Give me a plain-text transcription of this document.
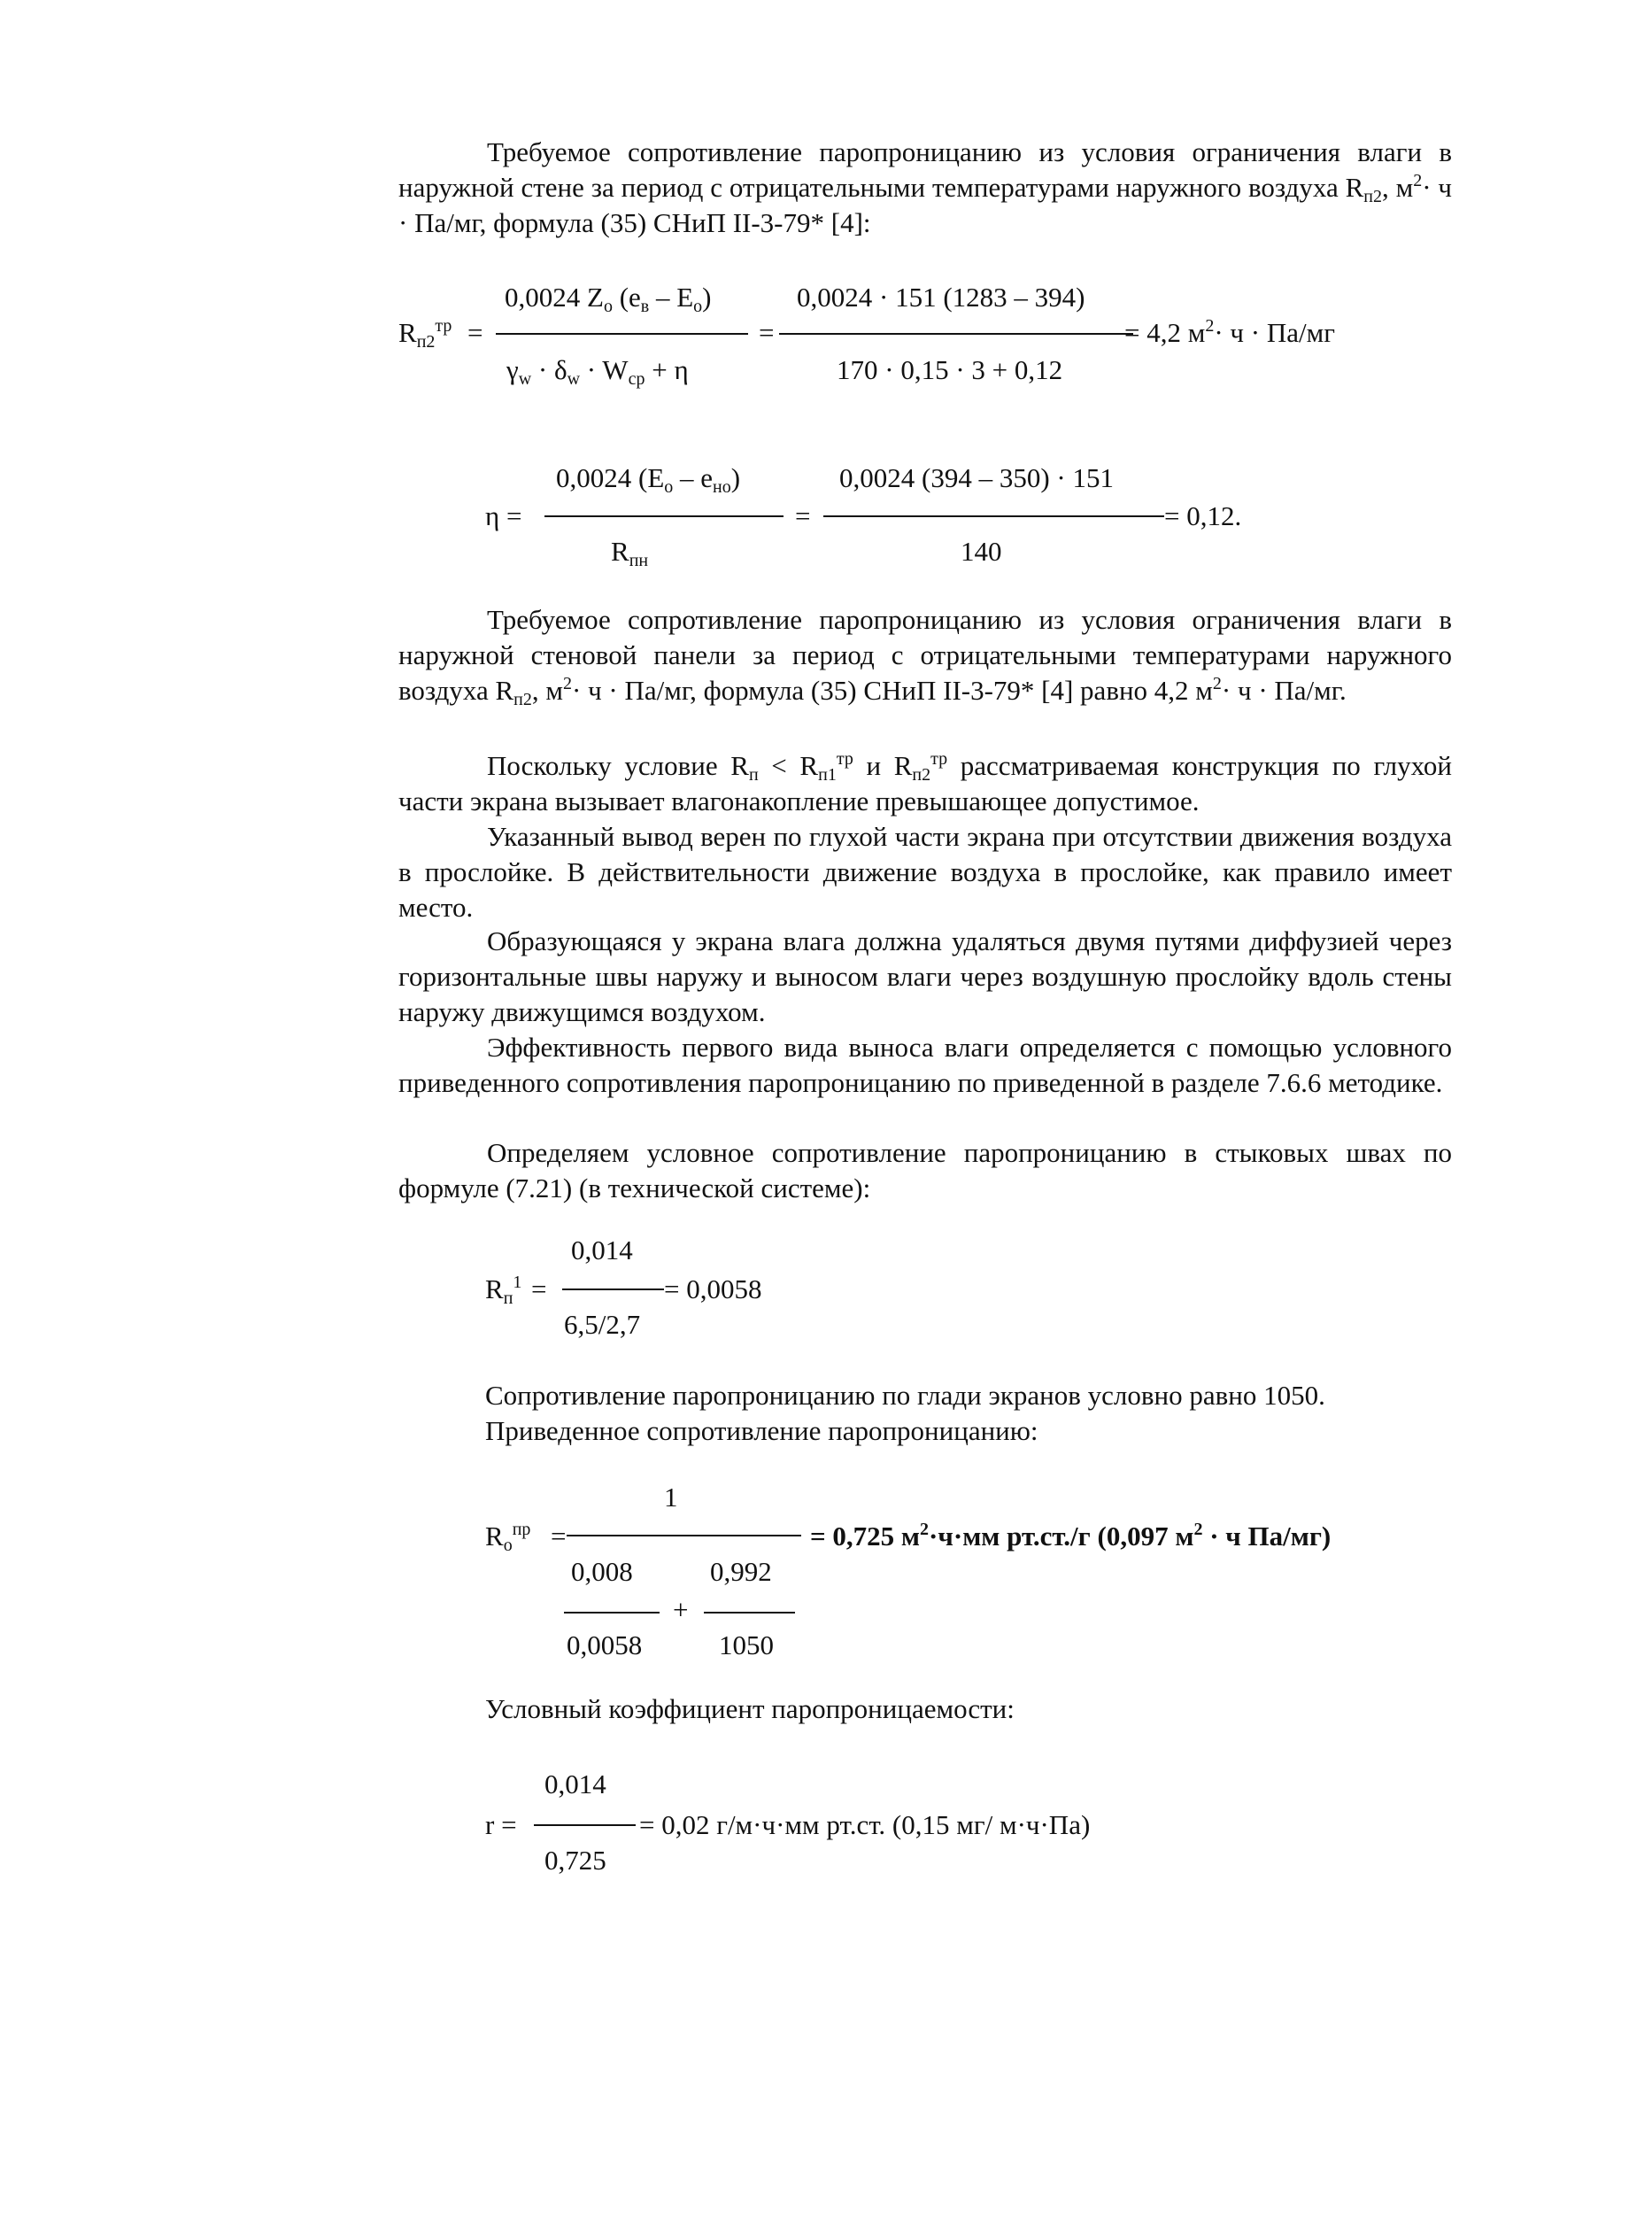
Требуемое сопротивление паропроницанию из условия ограничения влаги в наружной стене за период с отрицательными температурами наружного воздуха $R_{п2}$, $м^2\cdot ч \cdot Па/мг$, формула (35) СНиП II-3-79* [4]:
$R_{п2}^{тр}$ =
0,0024 $Z_о$ $(e_в - E_о)$
$\gamma_w \cdot \delta_w \cdot W_{ср} + \eta$
=
0,0024 · 151 (1283 – 394)
170 · 0,15 · 3 + 0,12
= 4,2 $м^2\cdot ч \cdot Па/мг$
η =
0,0024 $(E_о - e_{но})$
$R_{пн}$
=
0,0024 (394 – 350) · 151
140
= 0,12.
Требуемое сопротивление паропроницанию из условия ограничения влаги в наружной стеновой панели за период с отрицательными температурами наружного воздуха $R_{п2}$, $м^2\cdot ч \cdot Па/мг$, формула (35) СНиП II-3-79* [4] равно 4,2 $м^2\cdot ч \cdot Па/мг$.
Поскольку условие $R_п < R_{п1}^{тр}$ и $R_{п2}^{тр}$ рассматриваемая конструкция по глухой части экрана вызывает влагонакопление превышающее допустимое.
Указанный вывод верен по глухой части экрана при отсутствии движения воздуха в прослойке. В действительности движение воздуха в прослойке, как правило имеет место.
Образующаяся у экрана влага должна удаляться двумя путями диффузией через горизонтальные швы наружу и выносом влаги через воздушную прослойку вдоль стены наружу движущимся воздухом.
Эффективность первого вида выноса влаги определяется с помощью условного приведенного сопротивления паропроницанию по приведенной в разделе 7.6.6 методике.
Определяем условное сопротивление паропроницанию в стыковых швах по формуле (7.21) (в технической системе):
$R_п^1$ =
0,014
6,5/2,7
= 0,0058
Сопротивление паропроницанию по глади экранов условно равно 1050.
Приведенное сопротивление паропроницанию:
$R_о^{пр}$ =
1
0,008
0,0058
+
0,992
1050
= 0,725 $м^2\cdot ч\cdot мм$ рт.ст./г (0,097 $м^2 \cdot ч$ Па/мг)
Условный коэффициент паропроницаемости:
r =
0,014
0,725
= 0,02 г/м·ч·мм рт.ст. (0,15 мг/ м·ч·Па)
